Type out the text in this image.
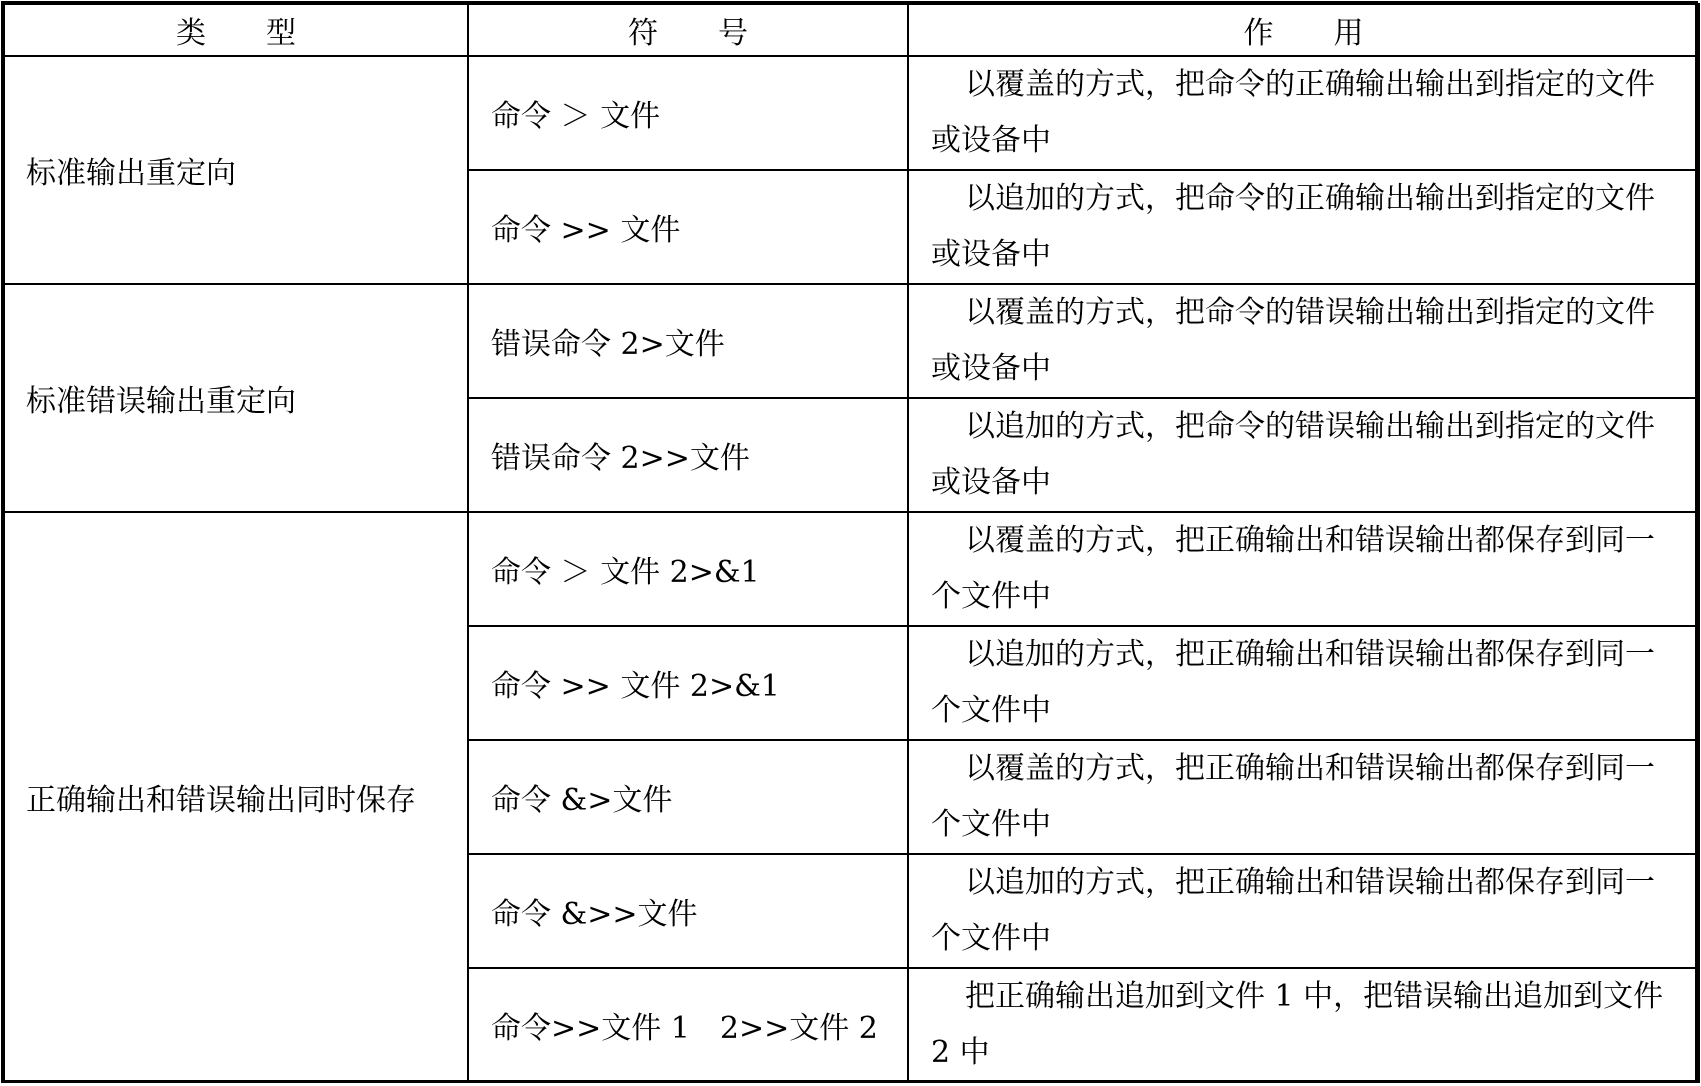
类　　型	符　　号	作　　用
标准输出重定向	命令 ＞ 文件	以覆盖的方式，把命令的正确输出输出到指定的文件或设备中
	命令 >> 文件	以追加的方式，把命令的正确输出输出到指定的文件或设备中
标准错误输出重定向	错误命令 2>文件	以覆盖的方式，把命令的错误输出输出到指定的文件或设备中
	错误命令 2>>文件	以追加的方式，把命令的错误输出输出到指定的文件或设备中
正确输出和错误输出同时保存	命令 ＞ 文件 2>&1	以覆盖的方式，把正确输出和错误输出都保存到同一个文件中
	命令 >> 文件 2>&1	以追加的方式，把正确输出和错误输出都保存到同一个文件中
	命令 &>文件	以覆盖的方式，把正确输出和错误输出都保存到同一个文件中
	命令 &>>文件	以追加的方式，把正确输出和错误输出都保存到同一个文件中
	命令>>文件 1　2>>文件 2	把正确输出追加到文件 1 中，把错误输出追加到文件 2 中
